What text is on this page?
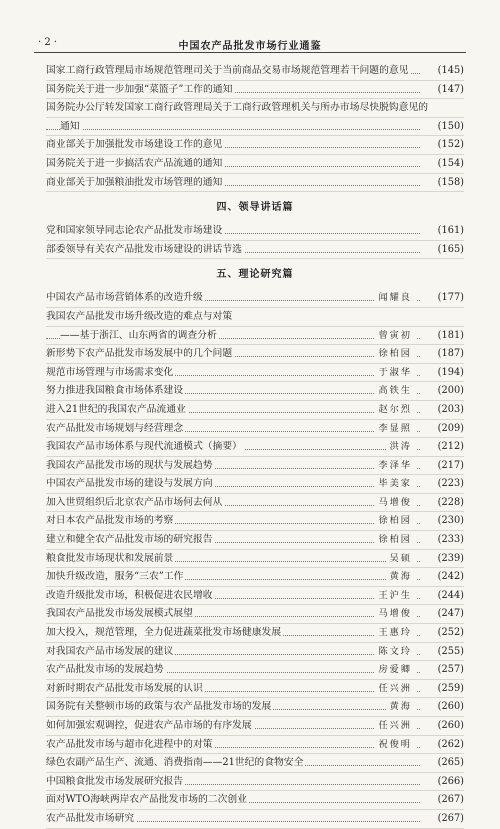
· 2 ·	中国农产品批发市场行业通鉴
国家工商行政管理局市场规范管理司关于当前商品交易市场规范管理若干问题的意见	(145)
国务院关于进一步加强“菜篮子”工作的通知	(147)
国务院办公厅转发国家工商行政管理局关于工商行政管理机关与所办市场尽快脱钩意见的
通知	(150)
商业部关于加强批发市场建设工作的意见	(152)
国务院关于进一步搞活农产品流通的通知	(154)
商业部关于加强粮油批发市场管理的通知	(158)
四、领导讲话篇
党和国家领导同志论农产品批发市场建设	(161)
部委领导有关农产品批发市场建设的讲话节选	(165)
五、理论研究篇
中国农产品市场营销体系的改造升级	闻耀良	(177)
我国农产品批发市场升级改造的难点与对策
——基于浙江、山东两省的调查分析	曾寅初	(181)
新形势下农产品批发市场发展中的几个问题	徐柏园	(187)
规范市场管理与市场需求变化	于淑华	(194)
努力推进我国粮食市场体系建设	高铁生	(200)
进入21世纪的我国农产品流通业	赵尔烈	(203)
农产品批发市场规划与经营理念	李显照	(209)
我国农产品市场体系与现代流通模式（摘要）	洪涛	(212)
我国农产品批发市场的现状与发展趋势	李泽华	(217)
中国农产品批发市场的建设与发展方向	毕美家	(223)
加入世贸组织后北京农产品市场何去何从	马增俊	(228)
对日本农产品批发市场的考察	徐柏园	(230)
建立和健全农产品批发市场的研究报告	徐柏园	(233)
粮食批发市场现状和发展前景	吴硕	(239)
加快升级改造，服务“三农”工作	黄海	(242)
改造升级批发市场，积极促进农民增收	王沪生	(244)
我国农产品批发市场发展模式展望	马增俊	(247)
加大投入，规范管理，全力促进蔬菜批发市场健康发展	王惠玲	(252)
对我国农产品市场发展的建议	陈文玲	(255)
农产品批发市场的发展趋势	房爱卿	(257)
对新时期农产品批发市场发展的认识	任兴洲	(259)
国务院有关整顿市场的政策与农产品批发市场的发展	黄海	(260)
如何加强宏观调控，促进农产品市场的有序发展	任兴洲	(260)
农产品批发市场与超市化进程中的对策	祝俊明	(262)
绿色农副产品生产、流通、消费指南——21世纪的食物安全	(265)
中国粮食批发市场发展研究报告	(266)
面对WTO海峡两岸农产品批发市场的二次创业	(267)
农产品批发市场研究	(267)
